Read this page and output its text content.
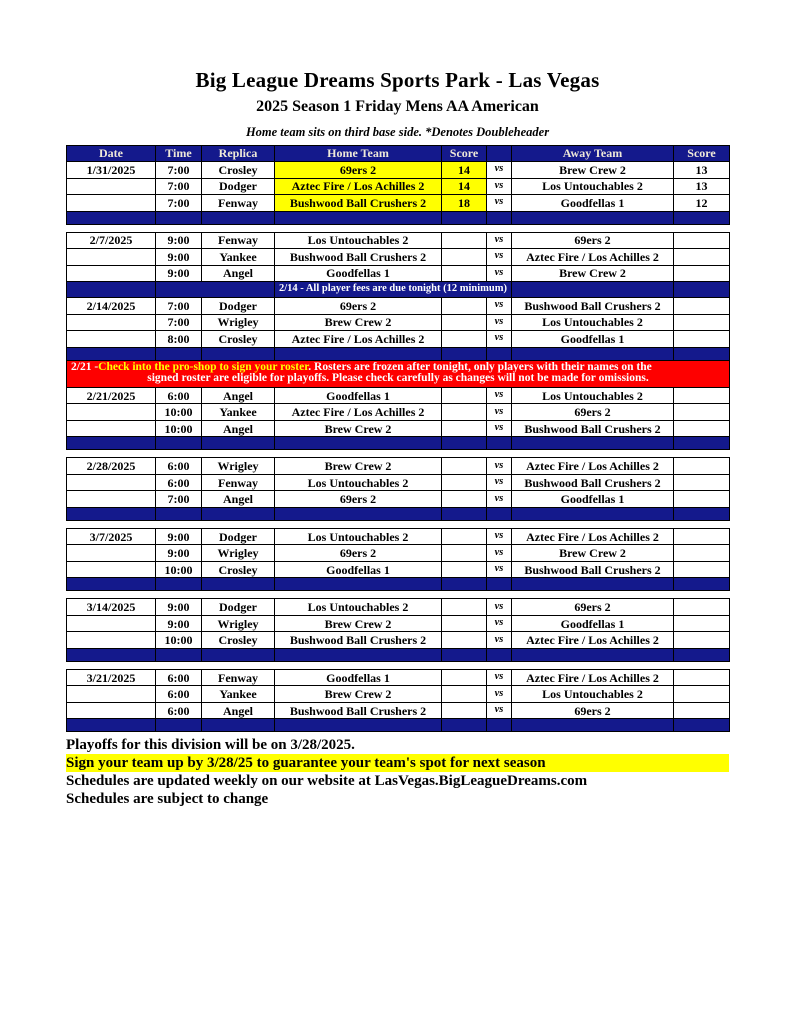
Big League Dreams Sports Park - Las Vegas
2025 Season 1 Friday Mens AA American
Home team sits on third base side. *Denotes Doubleheader
Date	Time	Replica	Home Team	Score		Away Team	Score
1/31/2025	7:00	Crosley	69ers 2	14	vs	Brew Crew 2	13
	7:00	Dodger	Aztec Fire / Los Achilles 2	14	vs	Los Untouchables 2	13
	7:00	Fenway	Bushwood Ball Crushers 2	18	vs	Goodfellas 1	12

2/7/2025	9:00	Fenway	Los Untouchables 2		vs	69ers 2	
	9:00	Yankee	Bushwood Ball Crushers 2		vs	Aztec Fire / Los Achilles 2	
	9:00	Angel	Goodfellas 1		vs	Brew Crew 2	
			2/14 - All player fees are due tonight (12 minimum)				
2/14/2025	7:00	Dodger	69ers 2		vs	Bushwood Ball Crushers 2	
	7:00	Wrigley	Brew Crew 2		vs	Los Untouchables 2	
	8:00	Crosley	Aztec Fire / Los Achilles 2		vs	Goodfellas 1	

2/21 -Check into the pro-shop to sign your roster. Rosters are frozen after tonight, only players with their names on the
signed roster are eligible for playoffs. Please check carefully as changes will not be made for omissions.							

2/21/2025	6:00	Angel	Goodfellas 1		vs	Los Untouchables 2	
	10:00	Yankee	Aztec Fire / Los Achilles 2		vs	69ers 2	
	10:00	Angel	Brew Crew 2		vs	Bushwood Ball Crushers 2	

2/28/2025	6:00	Wrigley	Brew Crew 2		vs	Aztec Fire / Los Achilles 2	
	6:00	Fenway	Los Untouchables 2		vs	Bushwood Ball Crushers 2	
	7:00	Angel	69ers 2		vs	Goodfellas 1	

3/7/2025	9:00	Dodger	Los Untouchables 2		vs	Aztec Fire / Los Achilles 2	
	9:00	Wrigley	69ers 2		vs	Brew Crew 2	
	10:00	Crosley	Goodfellas 1		vs	Bushwood Ball Crushers 2	

3/14/2025	9:00	Dodger	Los Untouchables 2		vs	69ers 2	
	9:00	Wrigley	Brew Crew 2		vs	Goodfellas 1	
	10:00	Crosley	Bushwood Ball Crushers 2		vs	Aztec Fire / Los Achilles 2	

3/21/2025	6:00	Fenway	Goodfellas 1		vs	Aztec Fire / Los Achilles 2	
	6:00	Yankee	Brew Crew 2		vs	Los Untouchables 2	
	6:00	Angel	Bushwood Ball Crushers 2		vs	69ers 2	

Playoffs for this division will be on 3/28/2025.
Sign your team up by 3/28/25 to guarantee your team's spot for next season
Schedules are updated weekly on our website at LasVegas.BigLeagueDreams.com
Schedules are subject to change
